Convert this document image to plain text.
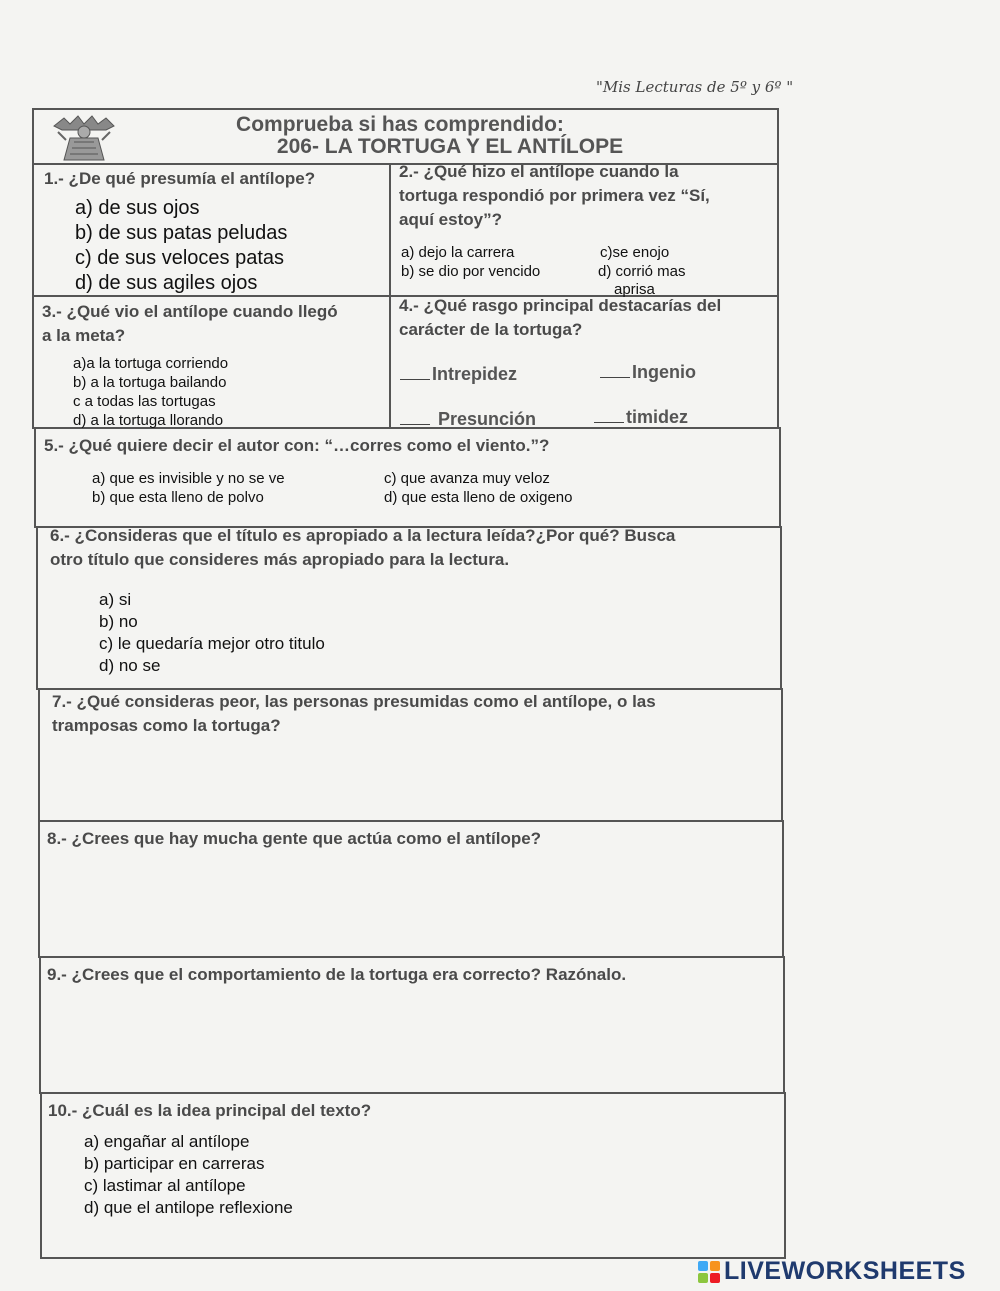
"Mis Lecturas de 5º y 6º "
Comprueba si has comprendido:
206- LA TORTUGA Y EL ANTÍLOPE
1.- ¿De qué presumía el antílope?
a) de sus ojos
b) de sus patas peludas
c) de sus veloces patas
d) de sus agiles ojos
2.- ¿Qué hizo el antílope cuando la
tortuga respondió por primera vez “Sí,
aquí estoy”?
a) dejo la carrera	c)se enojo
b) se dio por vencido	d) corrió mas
aprisa
3.- ¿Qué vio el antílope cuando llegó
a la meta?
a)a la tortuga corriendo
b) a la tortuga bailando
c a todas las tortugas
d) a la tortuga llorando
4.- ¿Qué rasgo principal destacarías del
carácter de la tortuga?
Intrepidez	Ingenio
Presunción	timidez
5.- ¿Qué quiere decir el autor con: “…corres como el viento.”?
a) que es invisible y no se ve	c) que avanza muy veloz
b) que esta lleno de polvo	d) que esta lleno de oxigeno
6.- ¿Consideras que el título es apropiado a la lectura leída?¿Por qué? Busca
otro título que consideres más apropiado para la lectura.
a) si
b) no
c) le quedaría mejor otro titulo
d) no se
7.- ¿Qué consideras peor, las personas presumidas como el antílope, o las
tramposas como la tortuga?
8.- ¿Crees que hay mucha gente que actúa como el antílope?
9.- ¿Crees que el comportamiento de la tortuga era correcto? Razónalo.
10.- ¿Cuál es la idea principal del texto?
a) engañar al antílope
b) participar en carreras
c) lastimar al antílope
d) que el antilope reflexione
LIVEWORKSHEETS
